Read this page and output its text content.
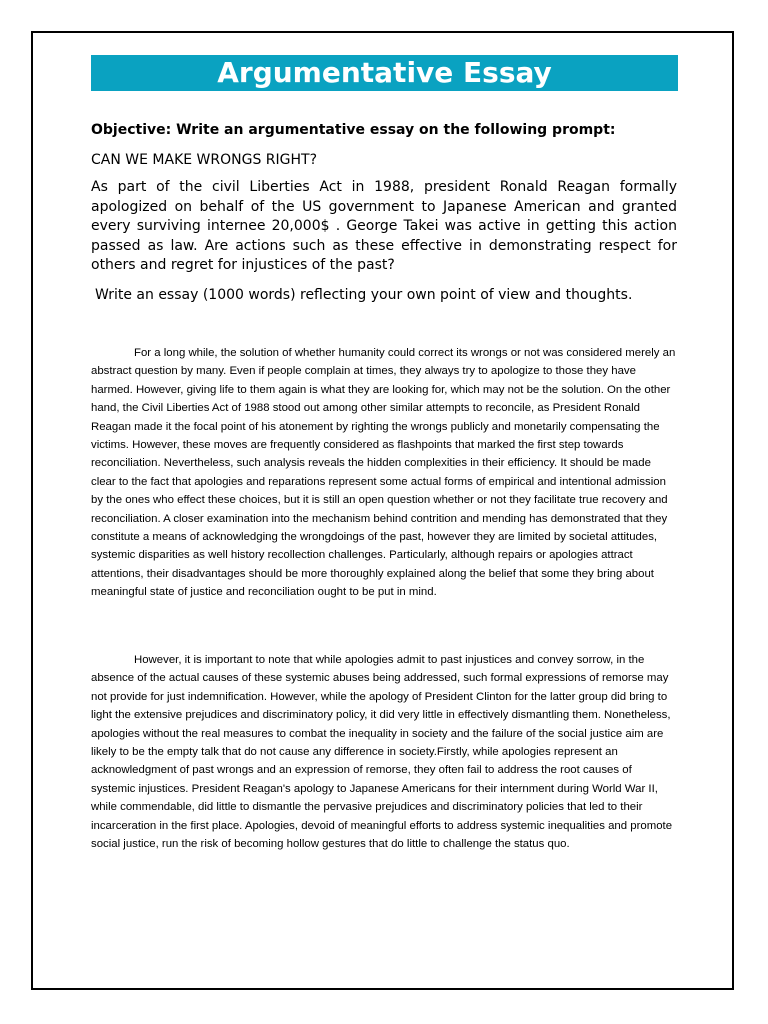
Argumentative Essay
Objective: Write an argumentative essay on the following prompt:
CAN WE MAKE WRONGS RIGHT?
As part of the civil Liberties Act in 1988, president Ronald Reagan formally apologized on behalf of the US government to Japanese American and granted every surviving internee 20,000$ . George Takei was active in getting this action passed as law. Are actions such as these effective in demonstrating respect for others and regret for injustices of the past?
Write an essay (1000 words) reflecting your own point of view and thoughts.

For a long while, the solution of whether humanity could correct its wrongs or not was considered merely an abstract question by many. Even if people complain at times, they always try to apologize to those they have harmed. However, giving life to them again is what they are looking for, which may not be the solution. On the other hand, the Civil Liberties Act of 1988 stood out among other similar attempts to reconcile, as President Ronald Reagan made it the focal point of his atonement by righting the wrongs publicly and monetarily compensating the victims. However, these moves are frequently considered as flashpoints that marked the first step towards reconciliation. Nevertheless, such analysis reveals the hidden complexities in their efficiency. It should be made clear to the fact that apologies and reparations represent some actual forms of empirical and intentional admission by the ones who effect these choices, but it is still an open question whether or not they facilitate true recovery and reconciliation. A closer examination into the mechanism behind contrition and mending has demonstrated that they constitute a means of acknowledging the wrongdoings of the past, however they are limited by societal attitudes, systemic disparities as well history recollection challenges. Particularly, although repairs or apologies attract attentions, their disadvantages should be more thoroughly explained along the belief that some they bring about meaningful state of justice and reconciliation ought to be put in mind.

However, it is important to note that while apologies admit to past injustices and convey sorrow, in the absence of the actual causes of these systemic abuses being addressed, such formal expressions of remorse may not provide for just indemnification. However, while the apology of President Clinton for the latter group did bring to light the extensive prejudices and discriminatory policy, it did very little in effectively dismantling them. Nonetheless, apologies without the real measures to combat the inequality in society and the failure of the social justice aim are likely to be the empty talk that do not cause any difference in society.Firstly, while apologies represent an acknowledgment of past wrongs and an expression of remorse, they often fail to address the root causes of systemic injustices. President Reagan's apology to Japanese Americans for their internment during World War II, while commendable, did little to dismantle the pervasive prejudices and discriminatory policies that led to their incarceration in the first place. Apologies, devoid of meaningful efforts to address systemic inequalities and promote social justice, run the risk of becoming hollow gestures that do little to challenge the status quo.
